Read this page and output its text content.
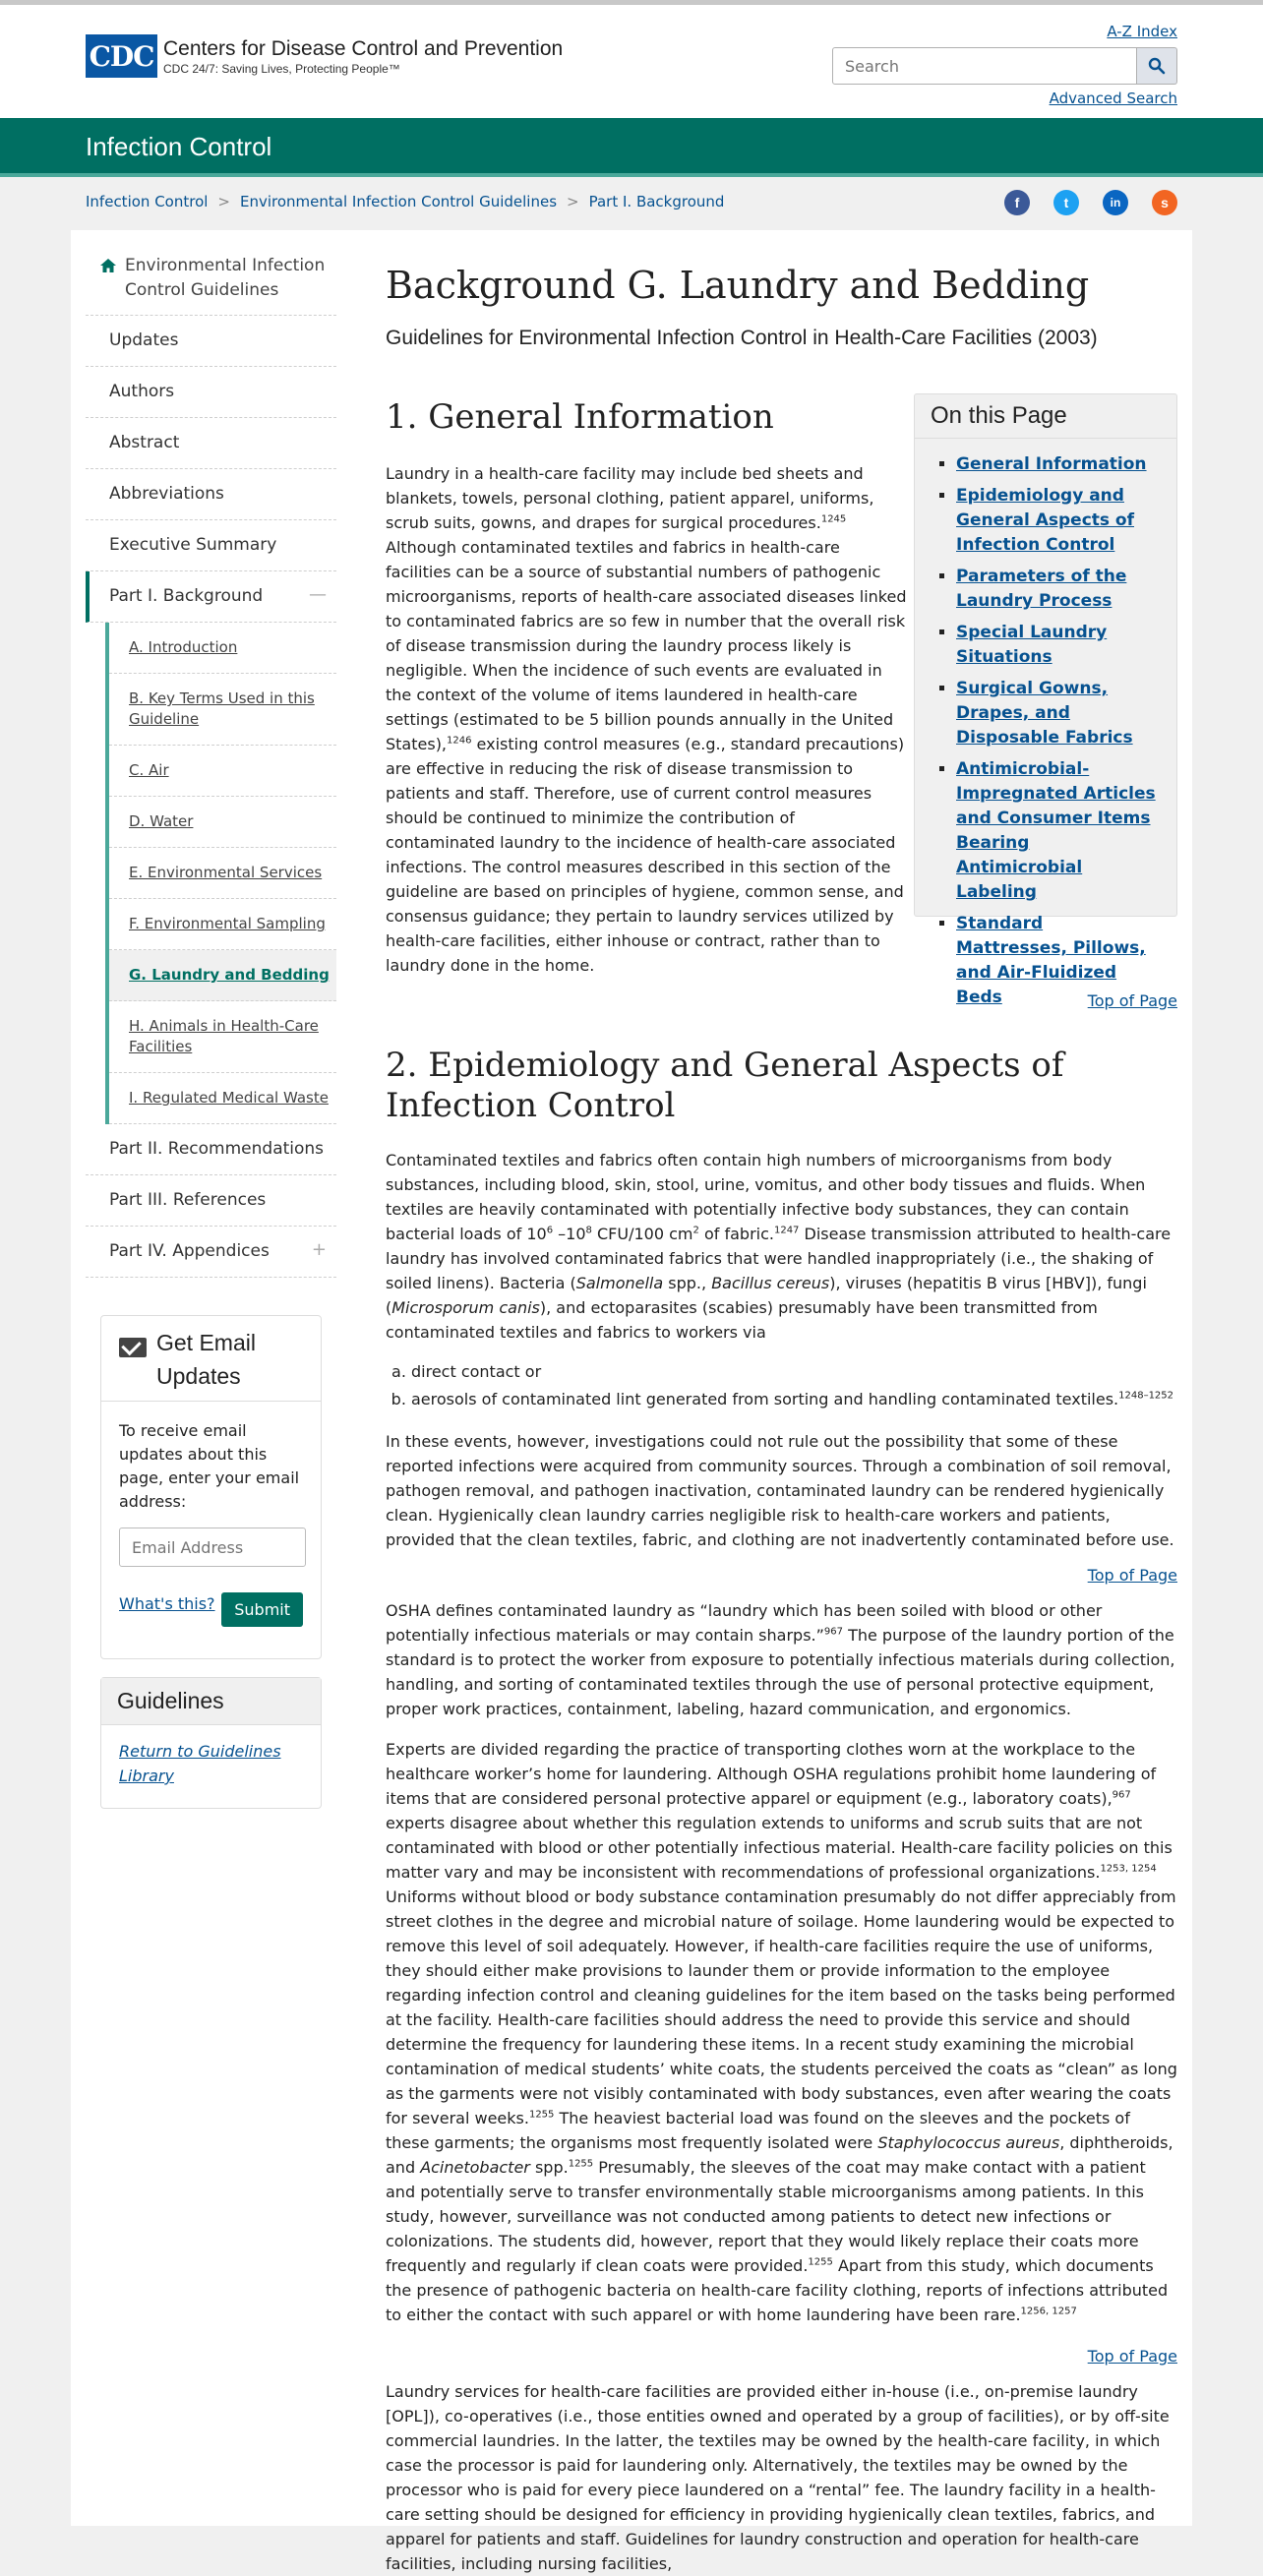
CDC Centers for Disease Control and Prevention
CDC 24/7: Saving Lives, Protecting People™
A-Z Index
Search
Advanced Search
Infection Control
Infection Control > Environmental Infection Control Guidelines > Part I. Background	f	t	in	s
Environmental Infection Control Guidelines
Updates
Authors
Abstract
Abbreviations
Executive Summary
Part I. Background	—
A. Introduction
B. Key Terms Used in this Guideline
C. Air
D. Water
E. Environmental Services
F. Environmental Sampling
G. Laundry and Bedding
H. Animals in Health-Care Facilities
I. Regulated Medical Waste
Part II. Recommendations
Part III. References
Part IV. Appendices +
Get Email Updates
To receive email updates about this page, enter your email address:
Email Address
What's this?	Submit
Guidelines
Return to Guidelines Library
Background G. Laundry and Bedding
Guidelines for Environmental Infection Control in Health-Care Facilities (2003)
1. General Information

Laundry in a health-care facility may include bed sheets and blankets, towels, personal clothing, patient apparel, uniforms, scrub suits, gowns, and drapes for surgical procedures.$^{1245}$ Although contaminated textiles and fabrics in health-care facilities can be a source of substantial numbers of pathogenic microorganisms, reports of health-care associated diseases linked to contaminated fabrics are so few in number that the overall risk of disease transmission during the laundry process likely is negligible. When the incidence of such events are evaluated in the context of the volume of items laundered in health-care settings (estimated to be 5 billion pounds annually in the United States),$^{1246}$ existing control measures (e.g., standard precautions) are effective in reducing the risk of disease transmission to patients and staff. Therefore, use of current control measures should be continued to minimize the contribution of contaminated laundry to the incidence of health-care associated infections. The control measures described in this section of the guideline are based on principles of hygiene, common sense, and consensus guidance; they pertain to laundry services utilized by health-care facilities, either inhouse or contract, rather than to laundry done in the home.

On this Page
▪ General Information
▪ Epidemiology and General Aspects of Infection Control
▪ Parameters of the Laundry Process
▪ Special Laundry Situations
▪ Surgical Gowns, Drapes, and Disposable Fabrics
▪ Antimicrobial-Impregnated Articles and Consumer Items Bearing Antimicrobial Labeling
▪ Standard Mattresses, Pillows, and Air-Fluidized Beds	Top of Page
2. Epidemiology and General Aspects of Infection Control

Contaminated textiles and fabrics often contain high numbers of microorganisms from body substances, including blood, skin, stool, urine, vomitus, and other body tissues and fluids. When textiles are heavily contaminated with potentially infective body substances, they can contain bacterial loads of $10^6$ $-10^8$ CFU/100 $cm^2$ of fabric.$^{1247}$ Disease transmission attributed to health-care laundry has involved contaminated fabrics that were handled inappropriately (i.e., the shaking of soiled linens). Bacteria (Salmonella spp., Bacillus cereus), viruses (hepatitis B virus [HBV]), fungi (Microsporum canis), and ectoparasites (scabies) presumably have been transmitted from contaminated textiles and fabrics to workers via

a. direct contact or
b. aerosols of contaminated lint generated from sorting and handling contaminated textiles.$^{1248-1252}$

In these events, however, investigations could not rule out the possibility that some of these reported infections were acquired from community sources. Through a combination of soil removal, pathogen removal, and pathogen inactivation, contaminated laundry can be rendered hygienically clean. Hygienically clean laundry carries negligible risk to health-care workers and patients, provided that the clean textiles, fabric, and clothing are not inadvertently contaminated before use.

Top of Page

OSHA defines contaminated laundry as “laundry which has been soiled with blood or other potentially infectious materials or may contain sharps.”$^{967}$ The purpose of the laundry portion of the standard is to protect the worker from exposure to potentially infectious materials during collection, handling, and sorting of contaminated textiles through the use of personal protective equipment, proper work practices, containment, labeling, hazard communication, and ergonomics.

Experts are divided regarding the practice of transporting clothes worn at the workplace to the healthcare worker’s home for laundering. Although OSHA regulations prohibit home laundering of items that are considered personal protective apparel or equipment (e.g., laboratory coats),$^{967}$ experts disagree about whether this regulation extends to uniforms and scrub suits that are not contaminated with blood or other potentially infectious material. Health-care facility policies on this matter vary and may be inconsistent with recommendations of professional organizations.$^{1253, 1254}$ Uniforms without blood or body substance contamination presumably do not differ appreciably from street clothes in the degree and microbial nature of soilage. Home laundering would be expected to remove this level of soil adequately. However, if health-care facilities require the use of uniforms, they should either make provisions to launder them or provide information to the employee regarding infection control and cleaning guidelines for the item based on the tasks being performed at the facility. Health-care facilities should address the need to provide this service and should determine the frequency for laundering these items. In a recent study examining the microbial contamination of medical students’ white coats, the students perceived the coats as “clean” as long as the garments were not visibly contaminated with body substances, even after wearing the coats for several weeks.$^{1255}$ The heaviest bacterial load was found on the sleeves and the pockets of these garments; the organisms most frequently isolated were Staphylococcus aureus, diphtheroids, and Acinetobacter spp.$^{1255}$ Presumably, the sleeves of the coat may make contact with a patient and potentially serve to transfer environmentally stable microorganisms among patients. In this study, however, surveillance was not conducted among patients to detect new infections or colonizations. The students did, however, report that they would likely replace their coats more frequently and regularly if clean coats were provided.$^{1255}$ Apart from this study, which documents the presence of pathogenic bacteria on health-care facility clothing, reports of infections attributed to either the contact with such apparel or with home laundering have been rare.$^{1256, 1257}$

Top of Page

Laundry services for health-care facilities are provided either in-house (i.e., on-premise laundry [OPL]), co-operatives (i.e., those entities owned and operated by a group of facilities), or by off-site commercial laundries. In the latter, the textiles may be owned by the health-care facility, in which case the processor is paid for laundering only. Alternatively, the textiles may be owned by the processor who is paid for every piece laundered on a “rental” fee. The laundry facility in a health-care setting should be designed for efficiency in providing hygienically clean textiles, fabrics, and apparel for patients and staff. Guidelines for laundry construction and operation for health-care facilities, including nursing facilities,
